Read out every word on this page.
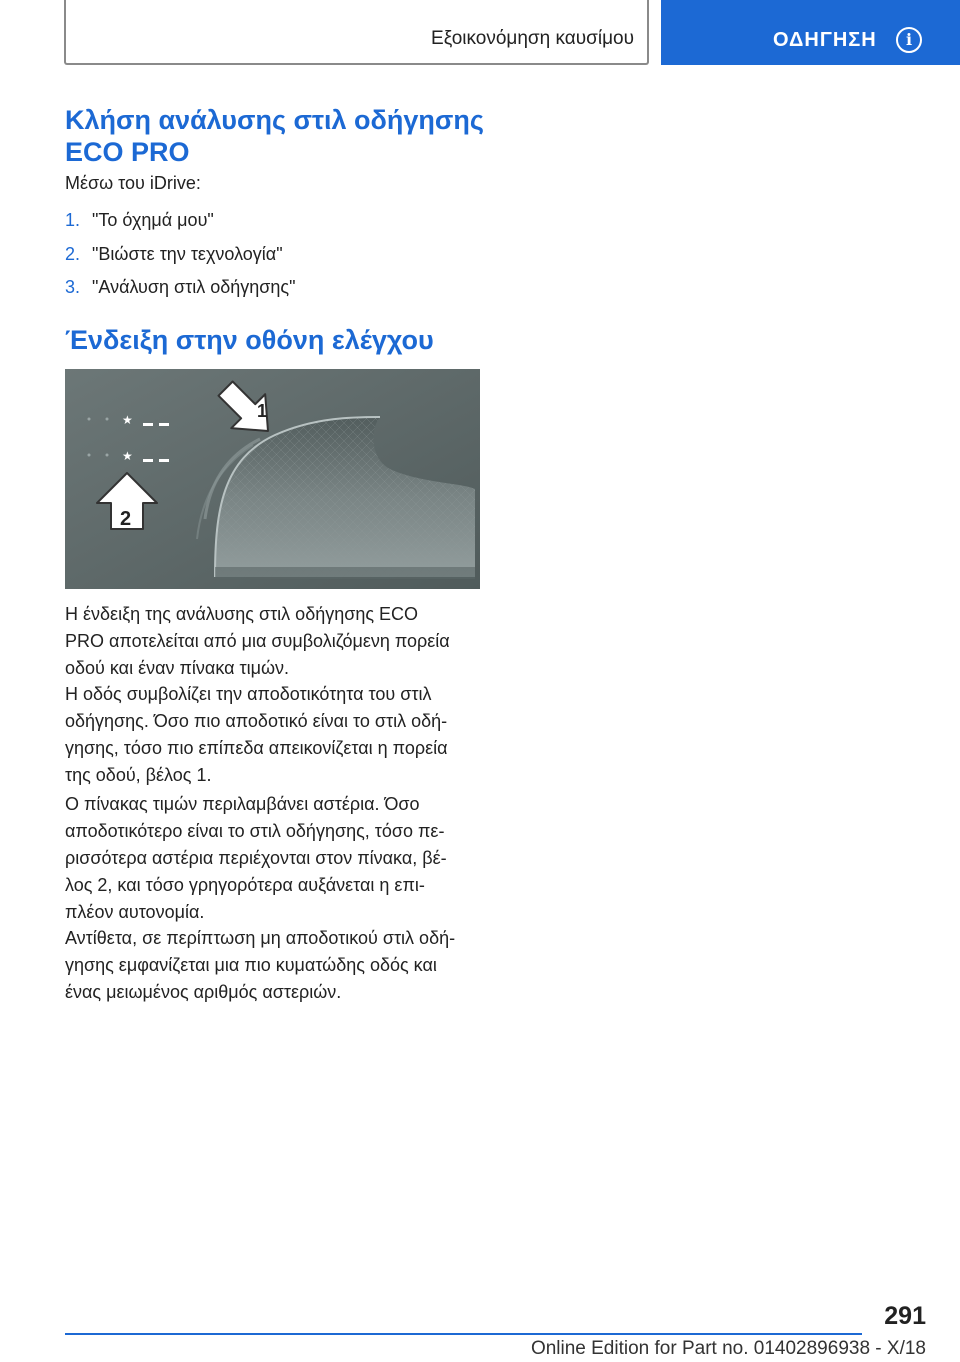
Εξοικονόμηση καυσίμου	ΟΔΗΓΗΣΗ	i
Κλήση ανάλυσης στιλ οδήγησης
ECO PRO
Μέσω του iDrive:
1. "Το όχημά μου"
2. "Βιώστε την τεχνολογία"
3. "Ανάλυση στιλ οδήγησης"
Ένδειξη στην οθόνη ελέγχου
★
★
1
2
Η ένδειξη της ανάλυσης στιλ οδήγησης ECO
PRO αποτελείται από μια συμβολιζόμενη πορεία
οδού και έναν πίνακα τιμών.
Η οδός συμβολίζει την αποδοτικότητα του στιλ
οδήγησης. Όσο πιο αποδοτικό είναι το στιλ οδή‐
γησης, τόσο πιο επίπεδα απεικονίζεται η πορεία
της οδού, βέλος 1.
Ο πίνακας τιμών περιλαμβάνει αστέρια. Όσο
αποδοτικότερο είναι το στιλ οδήγησης, τόσο πε‐
ρισσότερα αστέρια περιέχονται στον πίνακα, βέ‐
λος 2, και τόσο γρηγορότερα αυξάνεται η επι‐
πλέον αυτονομία.
Αντίθετα, σε περίπτωση μη αποδοτικού στιλ οδή‐
γησης εμφανίζεται μια πιο κυματώδης οδός και
ένας μειωμένος αριθμός αστεριών.
291
Online Edition for Part no. 01402896938 - X/18
